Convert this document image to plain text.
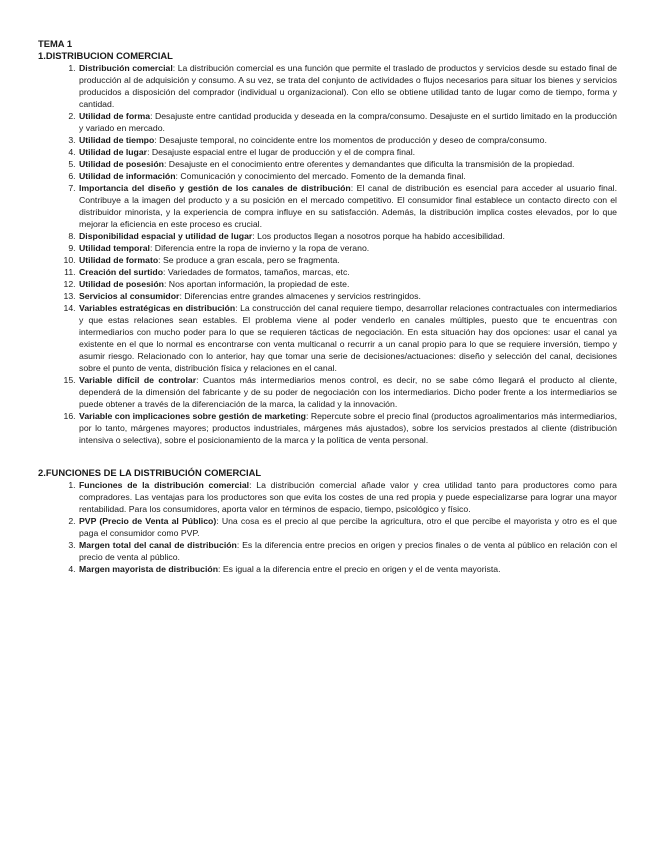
TEMA 1
1.DISTRIBUCION COMERCIAL
1. Distribución comercial: La distribución comercial es una función que permite el traslado de productos y servicios desde su estado final de producción al de adquisición y consumo. A su vez, se trata del conjunto de actividades o flujos necesarios para situar los bienes y servicios producidos a disposición del comprador (individual u organizacional). Con ello se obtiene utilidad tanto de lugar como de tiempo, forma y cantidad.
2. Utilidad de forma: Desajuste entre cantidad producida y deseada en la compra/consumo. Desajuste en el surtido limitado en la producción y variado en mercado.
3. Utilidad de tiempo: Desajuste temporal, no coincidente entre los momentos de producción y deseo de compra/consumo.
4. Utilidad de lugar: Desajuste espacial entre el lugar de producción y el de compra final.
5. Utilidad de posesión: Desajuste en el conocimiento entre oferentes y demandantes que dificulta la transmisión de la propiedad.
6. Utilidad de información: Comunicación y conocimiento del mercado. Fomento de la demanda final.
7. Importancia del diseño y gestión de los canales de distribución: El canal de distribución es esencial para acceder al usuario final. Contribuye a la imagen del producto y a su posición en el mercado competitivo. El consumidor final establece un contacto directo con el distribuidor minorista, y la experiencia de compra influye en su satisfacción. Además, la distribución implica costes elevados, por lo que mejorar la eficiencia en este proceso es crucial.
8. Disponibilidad espacial y utilidad de lugar: Los productos llegan a nosotros porque ha habido accesibilidad.
9. Utilidad temporal: Diferencia entre la ropa de invierno y la ropa de verano.
10. Utilidad de formato: Se produce a gran escala, pero se fragmenta.
11. Creación del surtido: Variedades de formatos, tamaños, marcas, etc.
12. Utilidad de posesión: Nos aportan información, la propiedad de este.
13. Servicios al consumidor: Diferencias entre grandes almacenes y servicios restringidos.
14. Variables estratégicas en distribución: La construcción del canal requiere tiempo, desarrollar relaciones contractuales con intermediarios y que estas relaciones sean estables. El problema viene al poder venderlo en canales múltiples, puesto que te encuentras con intermediarios con mucho poder para lo que se requieren tácticas de negociación. En esta situación hay dos opciones: usar el canal ya existente en el que lo normal es encontrarse con venta multicanal o recurrir a un canal propio para lo que se requiere inversión, tiempo y asumir riesgo. Relacionado con lo anterior, hay que tomar una serie de decisiones/actuaciones: diseño y selección del canal, decisiones sobre el punto de venta, distribución física y relaciones en el canal.
15. Variable difícil de controlar: Cuantos más intermediarios menos control, es decir, no se sabe cómo llegará el producto al cliente, dependerá de la dimensión del fabricante y de su poder de negociación con los intermediarios. Dicho poder frente a los intermediarios se puede obtener a través de la diferenciación de la marca, la calidad y la innovación.
16. Variable con implicaciones sobre gestión de marketing: Repercute sobre el precio final (productos agroalimentarios más intermediarios, por lo tanto, márgenes mayores; productos industriales, márgenes más ajustados), sobre los servicios prestados al cliente (distribución intensiva o selectiva), sobre el posicionamiento de la marca y la política de venta personal.
2.FUNCIONES DE LA DISTRIBUCIÓN COMERCIAL
1. Funciones de la distribución comercial: La distribución comercial añade valor y crea utilidad tanto para productores como para compradores. Las ventajas para los productores son que evita los costes de una red propia y puede especializarse para lograr una mayor rentabilidad. Para los consumidores, aporta valor en términos de espacio, tiempo, psicológico y físico.
2. PVP (Precio de Venta al Público): Una cosa es el precio al que percibe la agricultura, otro el que percibe el mayorista y otro es el que paga el consumidor como PVP.
3. Margen total del canal de distribución: Es la diferencia entre precios en origen y precios finales o de venta al público en relación con el precio de venta al público.
4. Margen mayorista de distribución: Es igual a la diferencia entre el precio en origen y el de venta mayorista.
